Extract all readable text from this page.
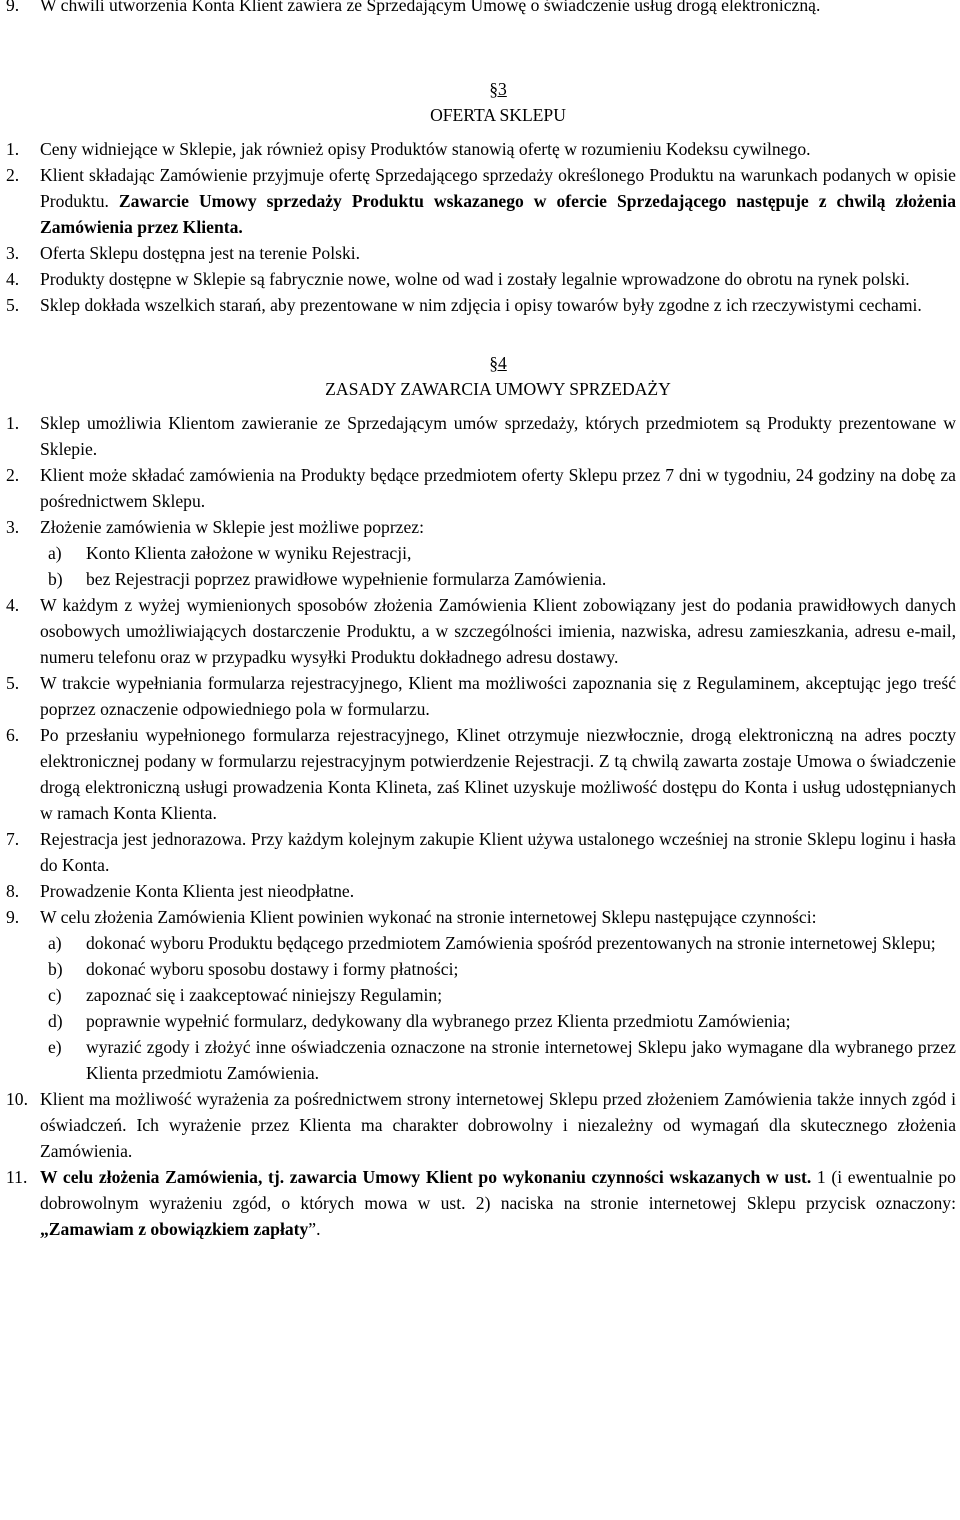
9. W chwili utworzenia Konta Klient zawiera ze Sprzedającym Umowę o świadczenie usług drogą elektroniczną.
§3
OFERTA SKLEPU
1. Ceny widniejące w Sklepie, jak również opisy Produktów stanowią ofertę w rozumieniu Kodeksu cywilnego.
2. Klient składając Zamówienie przyjmuje ofertę Sprzedającego sprzedaży określonego Produktu na warunkach podanych w opisie Produktu. Zawarcie Umowy sprzedaży Produktu wskazanego w ofercie Sprzedającego następuje z chwilą złożenia Zamówienia przez Klienta.
3. Oferta Sklepu dostępna jest na terenie Polski.
4. Produkty dostępne w Sklepie są fabrycznie nowe, wolne od wad i zostały legalnie wprowadzone do obrotu na rynek polski.
5. Sklep dokłada wszelkich starań, aby prezentowane w nim zdjęcia i opisy towarów były zgodne z ich rzeczywistymi cechami.
§4
ZASADY ZAWARCIA UMOWY SPRZEDAŻY
1. Sklep umożliwia Klientom zawieranie ze Sprzedającym umów sprzedaży, których przedmiotem są Produkty prezentowane w Sklepie.
2. Klient może składać zamówienia na Produkty będące przedmiotem oferty Sklepu przez 7 dni w tygodniu, 24 godziny na dobę za pośrednictwem Sklepu.
3. Złożenie zamówienia w Sklepie jest możliwe poprzez:
a) Konto Klienta założone w wyniku Rejestracji,
b) bez Rejestracji poprzez prawidłowe wypełnienie formularza Zamówienia.
4. W każdym z wyżej wymienionych sposobów złożenia Zamówienia Klient zobowiązany jest do podania prawidłowych danych osobowych umożliwiających dostarczenie Produktu, a w szczególności imienia, nazwiska, adresu zamieszkania, adresu e-mail, numeru telefonu oraz w przypadku wysyłki Produktu dokładnego adresu dostawy.
5. W trakcie wypełniania formularza rejestracyjnego, Klient ma możliwości zapoznania się z Regulaminem, akceptując jego treść poprzez oznaczenie odpowiedniego pola w formularzu.
6. Po przesłaniu wypełnionego formularza rejestracyjnego, Klinet otrzymuje niezwłocznie, drogą elektroniczną na adres poczty elektronicznej podany w formularzu rejestracyjnym potwierdzenie Rejestracji. Z tą chwilą zawarta zostaje Umowa o świadczenie drogą elektroniczną usługi prowadzenia Konta Klineta, zaś Klinet uzyskuje możliwość dostępu do Konta i usług udostępnianych w ramach Konta Klienta.
7. Rejestracja jest jednorazowa. Przy każdym kolejnym zakupie Klient używa ustalonego wcześniej na stronie Sklepu loginu i hasła do Konta.
8. Prowadzenie Konta Klienta jest nieodpłatne.
9. W celu złożenia Zamówienia Klient powinien wykonać na stronie internetowej Sklepu następujące czynności:
a) dokonać wyboru Produktu będącego przedmiotem Zamówienia spośród prezentowanych na stronie internetowej Sklepu;
b) dokonać wyboru sposobu dostawy i formy płatności;
c) zapoznać się i zaakceptować niniejszy Regulamin;
d) poprawnie wypełnić formularz, dedykowany dla wybranego przez Klienta przedmiotu Zamówienia;
e) wyrazić zgody i złożyć inne oświadczenia oznaczone na stronie internetowej Sklepu jako wymagane dla wybranego przez Klienta przedmiotu Zamówienia.
10. Klient ma możliwość wyrażenia za pośrednictwem strony internetowej Sklepu przed złożeniem Zamówienia także innych zgód i oświadczeń. Ich wyrażenie przez Klienta ma charakter dobrowolny i niezależny od wymagań dla skutecznego złożenia Zamówienia.
11. W celu złożenia Zamówienia, tj. zawarcia Umowy Klient po wykonaniu czynności wskazanych w ust. 1 (i ewentualnie po dobrowolnym wyrażeniu zgód, o których mowa w ust. 2) naciska na stronie internetowej Sklepu przycisk oznaczony: „Zamawiam z obowiązkiem zapłaty”.
